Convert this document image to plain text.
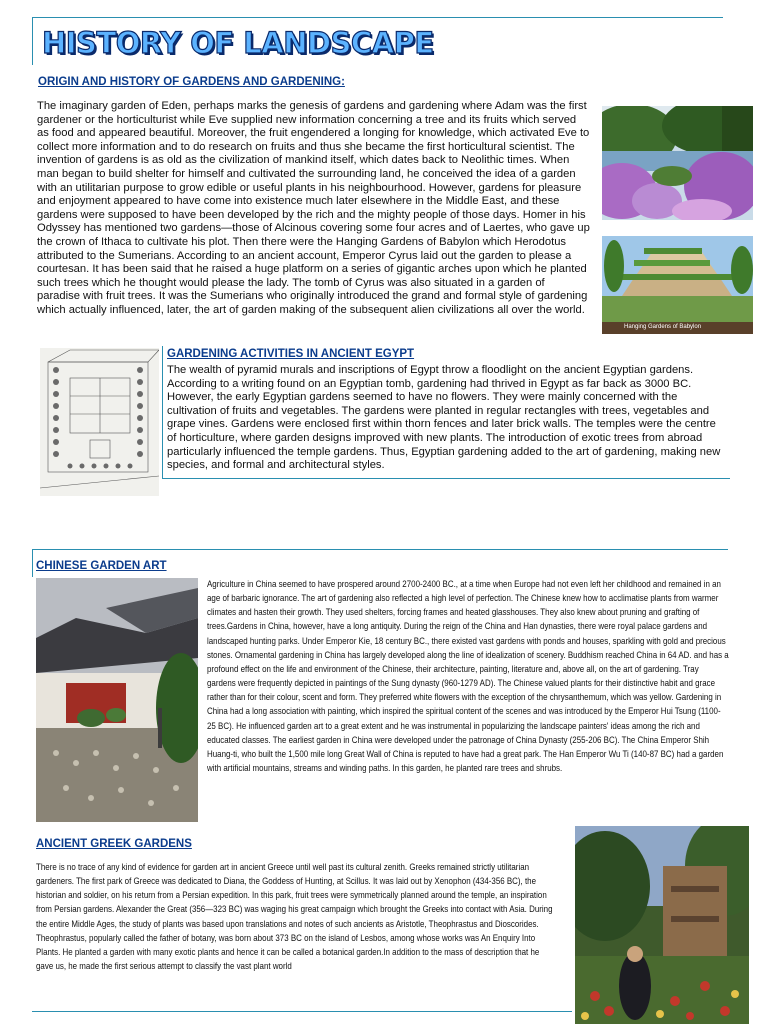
HISTORY OF LANDSCAPE
ORIGIN AND HISTORY OF GARDENS AND GARDENING:

The imaginary garden of Eden, perhaps marks the genesis of gardens and gardening where Adam was the first gardener or the horticulturist while Eve supplied new information concerning a tree and its fruits which served as food and appeared beautiful. Moreover, the fruit engendered a longing for knowledge, which activated Eve to collect more information and to do research on fruits and thus she became the first horticultural scientist. The invention of gardens is as old as the civilization of mankind itself, which dates back to Neolithic times. When man began to build shelter for himself and cultivated the surrounding land, he conceived the idea of a garden with an utilitarian purpose to grow edible or useful plants in his neighbourhood. However, gardens for pleasure and enjoyment appeared to have come into existence much later elsewhere in the Middle East, and these gardens were supposed to have been developed by the rich and the mighty people of those days. Homer in his Odyssey has mentioned two gardens—those of Alcinous covering some four acres and of Laertes, who gave up the crown of Ithaca to cultivate his plot. Then there were the Hanging Gardens of Babylon which Herodotus attributed to the Sumerians. According to an ancient account, Emperor Cyrus laid out the garden to please a courtesan. It has been said that he raised a huge platform on a series of gigantic arches upon which he planted such trees which he thought would please the lady. The tomb of Cyrus was also situated in a garden of paradise with fruit trees. It was the Sumerians who originally introduced the grand and formal style of gardening which actually influenced, later, the art of garden making of the subsequent alien civilizations all over the world.

Hanging Gardens of Babylon
GARDENING ACTIVITIES IN ANCIENT EGYPT

The wealth of pyramid murals and inscriptions of Egypt throw a floodlight on the ancient Egyptian gardens. According to a writing found on an Egyptian tomb, gardening had thrived in Egypt as far back as 3000 BC. However, the early Egyptian gardens seemed to have no flowers. They were mainly concerned with the cultivation of fruits and vegetables. The gardens were planted in regular rectangles with trees, vegetables and grape vines. Gardens were enclosed first within thorn fences and later brick walls. The temples were the centre of horticulture, where garden designs improved with new plants. The introduction of exotic trees from abroad particularly influenced the temple gardens. Thus, Egyptian gardening added to the art of gardening, making new species, and formal and architectural styles.

CHINESE GARDEN ART
Agriculture in China seemed to have prospered around 2700-2400 BC., at a time when Europe had not even left her childhood and remained in an age of barbaric ignorance. The art of gardening also reflected a high level of perfection. The Chinese knew how to acclimatise plants from warmer climates and hasten their growth. They used shelters, forcing frames and heated glasshouses. They also knew about pruning and grafting of trees.Gardens in China, however, have a long antiquity. During the reign of the China and Han dynasties, there were royal palace gardens and landscaped hunting parks. Under Emperor Kie, 18 century BC., there existed vast gardens with ponds and houses, sparkling with gold and precious stones. Ornamental gardening in China has largely developed along the line of idealization of scenery. Buddhism reached China in 64 AD. and has a profound effect on the life and environment of the Chinese, their architecture, painting, literature and, above all, on the art of gardening. Tray gardens were frequently depicted in paintings of the Sung dynasty (960-1279 AD). The Chinese valued plants for their distinctive habit and grace rather than for their colour, scent and form. They preferred white flowers with the exception of the chrysanthemum, which was yellow. Gardening in China had a long association with painting, which inspired the spiritual content of the scenes and was introduced by the Emperor Hui Tsung (1100-25 BC). He influenced garden art to a great extent and he was instrumental in popularizing the landscape painters' ideas among the rich and educated classes. The earliest garden in China were developed under the patronage of China Dynasty (255-206 BC). The China Emperor Shih Huang-ti, who built the 1,500 mile long Great Wall of China is reputed to have had a great park. The Han Emperor Wu Ti (140-87 BC) had a garden with artificial mountains, streams and winding paths. In this garden, he planted rare trees and shrubs.
ANCIENT GREEK GARDENS
There is no trace of any kind of evidence for garden art in ancient Greece until well past its cultural zenith. Greeks remained strictly utilitarian gardeners. The first park of Greece was dedicated to Diana, the Goddess of Hunting, at Scillus. It was laid out by Xenophon (434-356 BC), the historian and soldier, on his return from a Persian expedition. In this park, fruit trees were symmetrically planned around the temple, an inspiration from Persian gardens. Alexander the Great (356—323 BC) was waging his great campaign which brought the Greeks into contact with Asia. During the entire Middle Ages, the study of plants was based upon translations and notes of such ancients as Aristotle, Theophrastus and Dioscorides. Theophrastus, popularly called the father of botany, was born about 373 BC on the island of Lesbos, among whose works was An Enquiry Into Plants. He planted a garden with many exotic plants and hence it can be called a botanical garden.In addition to the mass of description that he gave us, he made the first serious attempt to classify the vast plant world
